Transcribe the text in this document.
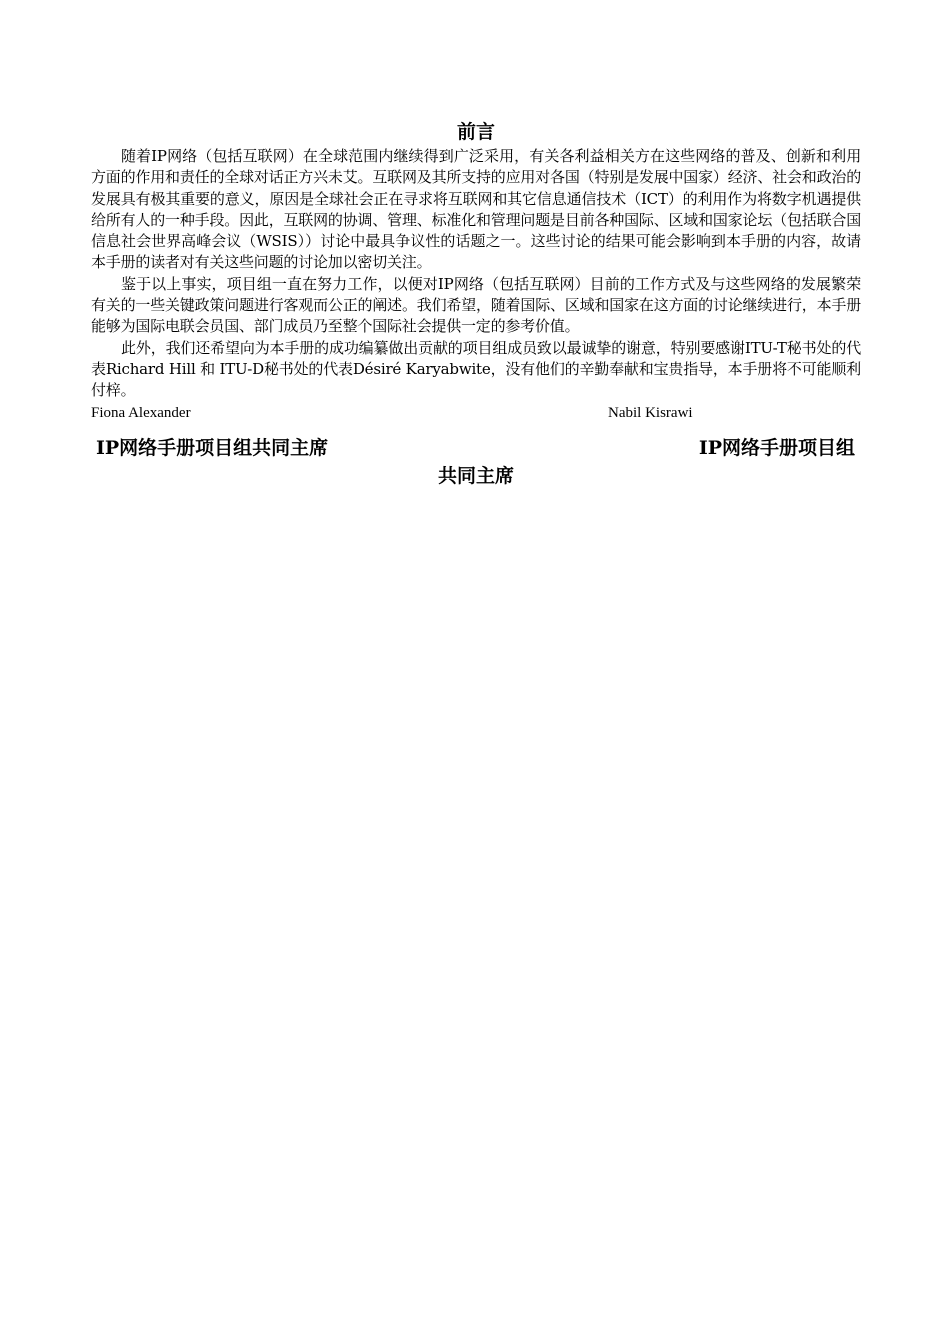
前言

随着IP网络（包括互联网）在全球范围内继续得到广泛采用，有关各利益相关方在这些网络的普及、创新和利用方面的作用和责任的全球对话正方兴未艾。互联网及其所支持的应用对各国（特别是发展中国家）经济、社会和政治的发展具有极其重要的意义，原因是全球社会正在寻求将互联网和其它信息通信技术（ICT）的利用作为将数字机遇提供给所有人的一种手段。因此，互联网的协调、管理、标准化和管理问题是目前各种国际、区域和国家论坛（包括联合国信息社会世界高峰会议（WSIS））讨论中最具争议性的话题之一。这些讨论的结果可能会影响到本手册的内容，故请本手册的读者对有关这些问题的讨论加以密切关注。

鉴于以上事实，项目组一直在努力工作，以便对IP网络（包括互联网）目前的工作方式及与这些网络的发展繁荣有关的一些关键政策问题进行客观而公正的阐述。我们希望，随着国际、区域和国家在这方面的讨论继续进行，本手册能够为国际电联会员国、部门成员乃至整个国际社会提供一定的参考价值。

此外，我们还希望向为本手册的成功编纂做出贡献的项目组成员致以最诚挚的谢意，特别要感谢ITU-T秘书处的代表Richard Hill 和 ITU-D秘书处的代表Désiré Karyabwite，没有他们的辛勤奉献和宝贵指导，本手册将不可能顺利付梓。

Fiona Alexander	Nabil Kisrawi
IP网络手册项目组共同主席	IP网络手册项目组
共同主席
